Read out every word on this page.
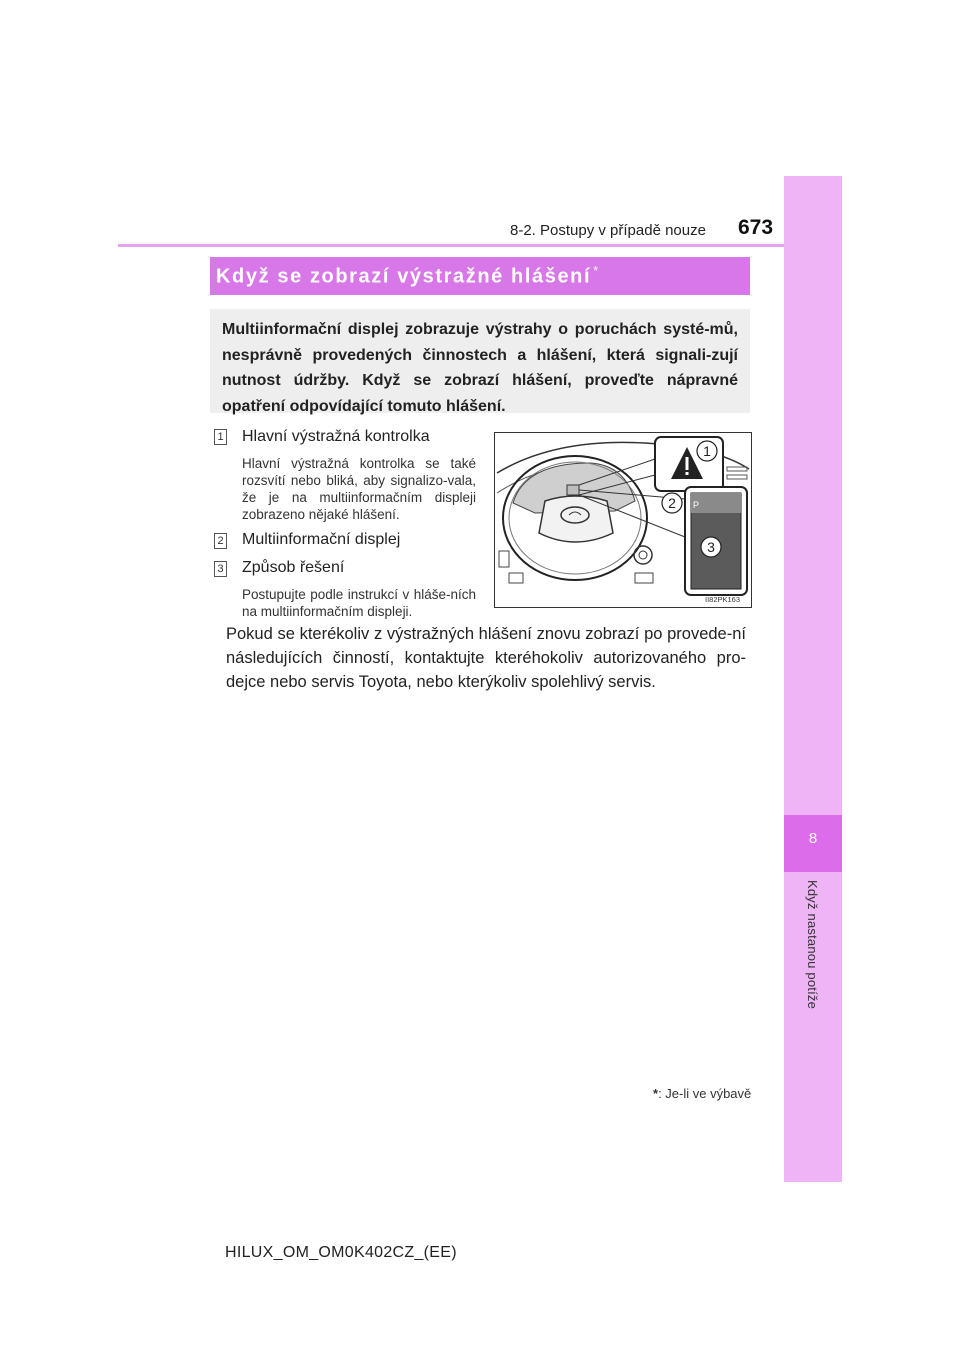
8-2. Postupy v případě nouze 673
8
Když nastanou potíže
Když se zobrazí výstražné hlášení *
Multiinformační displej zobrazuje výstrahy o poruchách systé-mů, nesprávně provedených činnostech a hlášení, která signali-zují nutnost údržby. Když se zobrazí hlášení, proveďte nápravné opatření odpovídající tomuto hlášení.
1 Hlavní výstražná kontrolka
Hlavní výstražná kontrolka se také rozsvítí nebo bliká, aby signalizo-vala, že je na multiinformačním displeji zobrazeno nějaké hlášení.
2 Multiinformační displej
3 Způsob řešení
Postupujte podle instrukcí v hláše-ních na multiinformačním displeji.
P
1
2
3
II82PK163
Pokud se kterékoliv z výstražných hlášení znovu zobrazí po provede-ní následujících činností, kontaktujte kteréhokoliv autorizovaného pro-dejce nebo servis Toyota, nebo kterýkoliv spolehlivý servis.
*: Je-li ve výbavě
HILUX_OM_OM0K402CZ_(EE)
